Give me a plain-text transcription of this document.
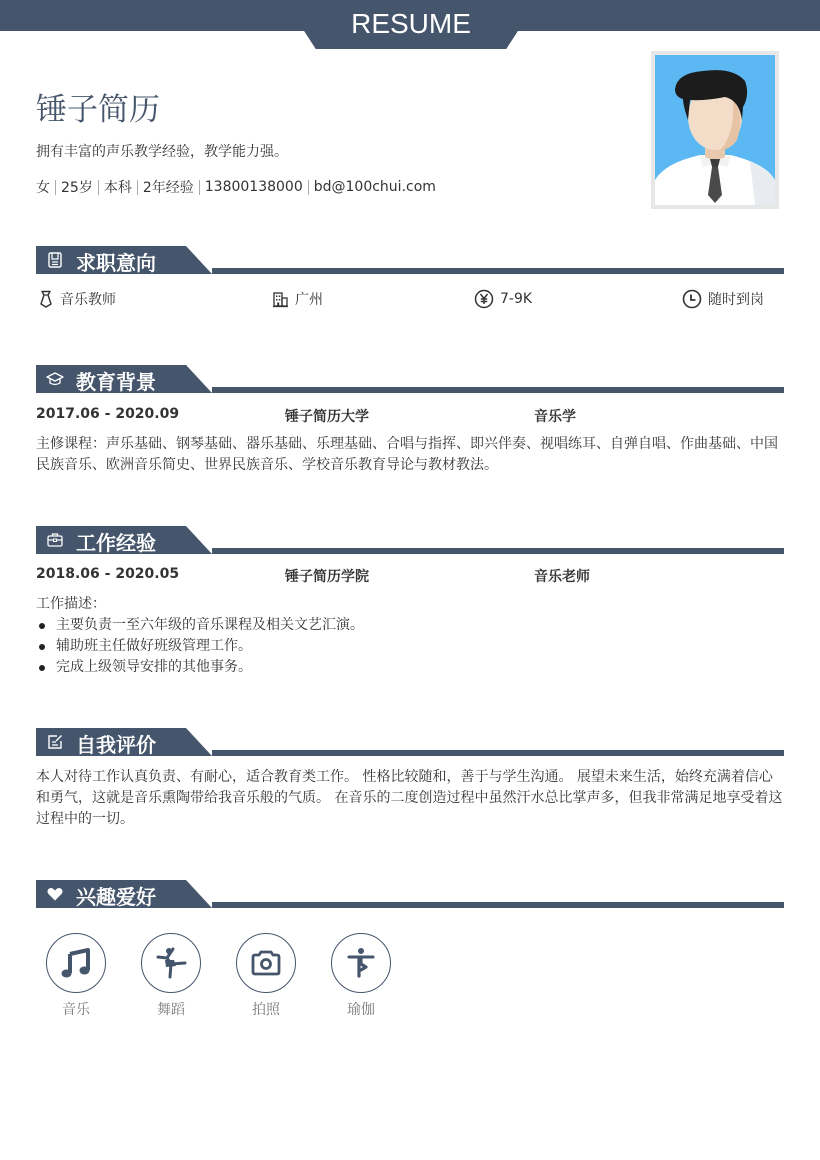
RESUME
锤子简历
拥有丰富的声乐教学经验，教学能力强。
女 25岁 本科 2年经验 13800138000 bd@100chui.com
求职意向
音乐教师	广州	7-9K	随时到岗
教育背景
2017.06 - 2020.09	锤子简历大学	音乐学
主修课程：声乐基础、钢琴基础、器乐基础、乐理基础、合唱与指挥、即兴伴奏、视唱练耳、自弹自唱、作曲基础、中国民族音乐、欧洲音乐简史、世界民族音乐、学校音乐教育导论与教材教法。
工作经验
2018.06 - 2020.05	锤子简历学院	音乐老师
工作描述：
主要负责一至六年级的音乐课程及相关文艺汇演。
辅助班主任做好班级管理工作。
完成上级领导安排的其他事务。
自我评价
本人对待工作认真负责、有耐心，适合教育类工作。 性格比较随和，善于与学生沟通。 展望未来生活，始终充满着信心和勇气，这就是音乐熏陶带给我音乐般的气质。 在音乐的二度创造过程中虽然汗水总比掌声多，但我非常满足地享受着这过程中的一切。
兴趣爱好
音乐	舞蹈	拍照	瑜伽
